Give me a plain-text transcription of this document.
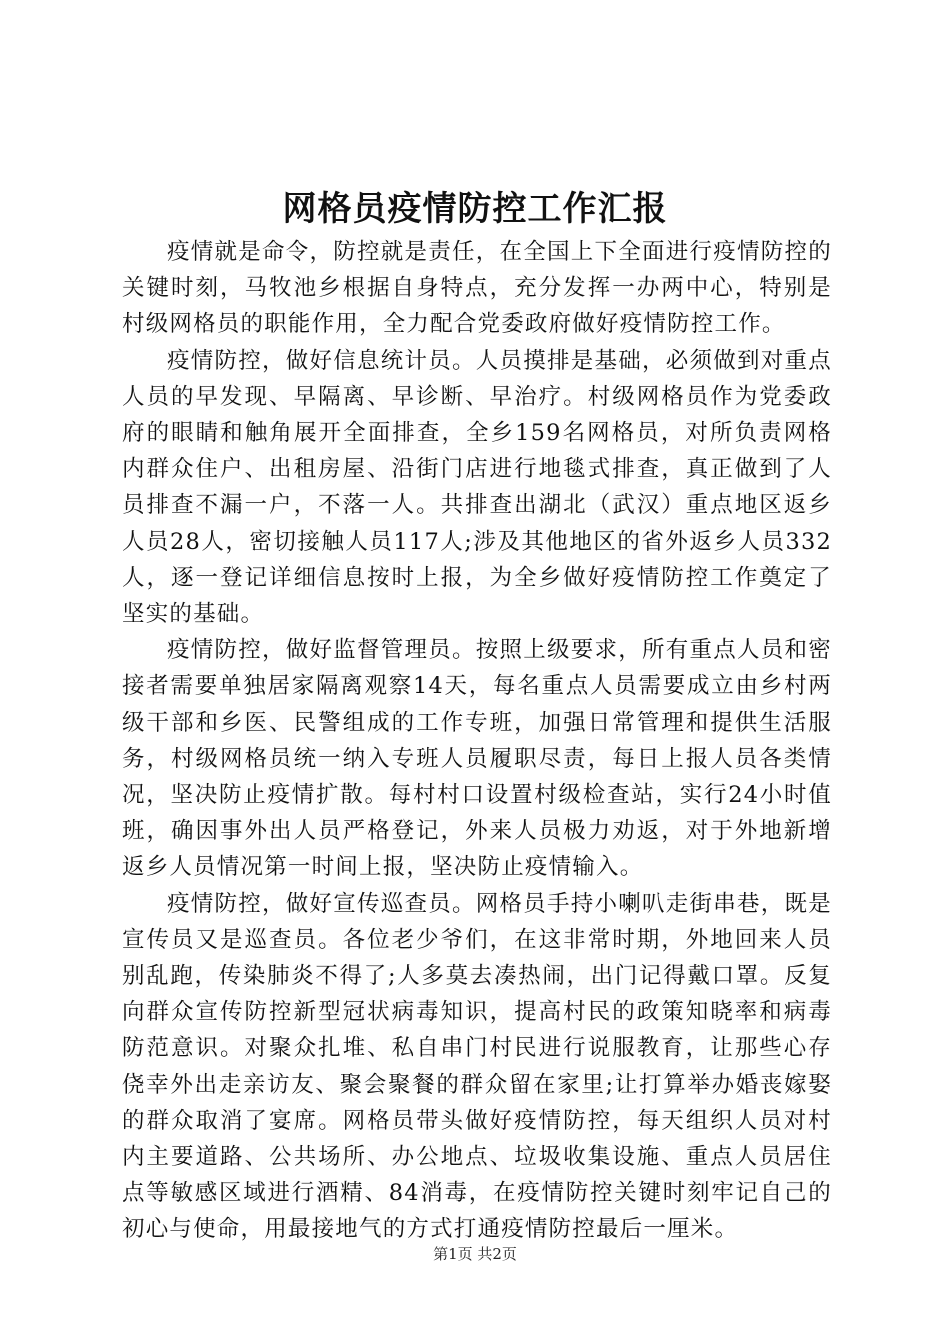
网格员疫情防控工作汇报

疫情就是命令，防控就是责任，在全国上下全面进行疫情防控的关键时刻，马牧池乡根据自身特点，充分发挥一办两中心，特别是村级网格员的职能作用，全力配合党委政府做好疫情防控工作。

疫情防控，做好信息统计员。人员摸排是基础，必须做到对重点人员的早发现、早隔离、早诊断、早治疗。村级网格员作为党委政府的眼睛和触角展开全面排查，全乡159名网格员，对所负责网格内群众住户、出租房屋、沿街门店进行地毯式排查，真正做到了人员排查不漏一户，不落一人。共排查出湖北（武汉）重点地区返乡人员28人，密切接触人员117人;涉及其他地区的省外返乡人员332人，逐一登记详细信息按时上报，为全乡做好疫情防控工作奠定了坚实的基础。

疫情防控，做好监督管理员。按照上级要求，所有重点人员和密接者需要单独居家隔离观察14天，每名重点人员需要成立由乡村两级干部和乡医、民警组成的工作专班，加强日常管理和提供生活服务，村级网格员统一纳入专班人员履职尽责，每日上报人员各类情况，坚决防止疫情扩散。每村村口设置村级检查站，实行24小时值班，确因事外出人员严格登记，外来人员极力劝返，对于外地新增返乡人员情况第一时间上报，坚决防止疫情输入。

疫情防控，做好宣传巡查员。网格员手持小喇叭走街串巷，既是宣传员又是巡查员。各位老少爷们，在这非常时期，外地回来人员别乱跑，传染肺炎不得了;人多莫去凑热闹，出门记得戴口罩。反复向群众宣传防控新型冠状病毒知识，提高村民的政策知晓率和病毒防范意识。对聚众扎堆、私自串门村民进行说服教育，让那些心存侥幸外出走亲访友、聚会聚餐的群众留在家里;让打算举办婚丧嫁娶的群众取消了宴席。网格员带头做好疫情防控，每天组织人员对村内主要道路、公共场所、办公地点、垃圾收集设施、重点人员居住点等敏感区域进行酒精、84消毒，在疫情防控关键时刻牢记自己的初心与使命，用最接地气的方式打通疫情防控最后一厘米。

第1页 共2页
